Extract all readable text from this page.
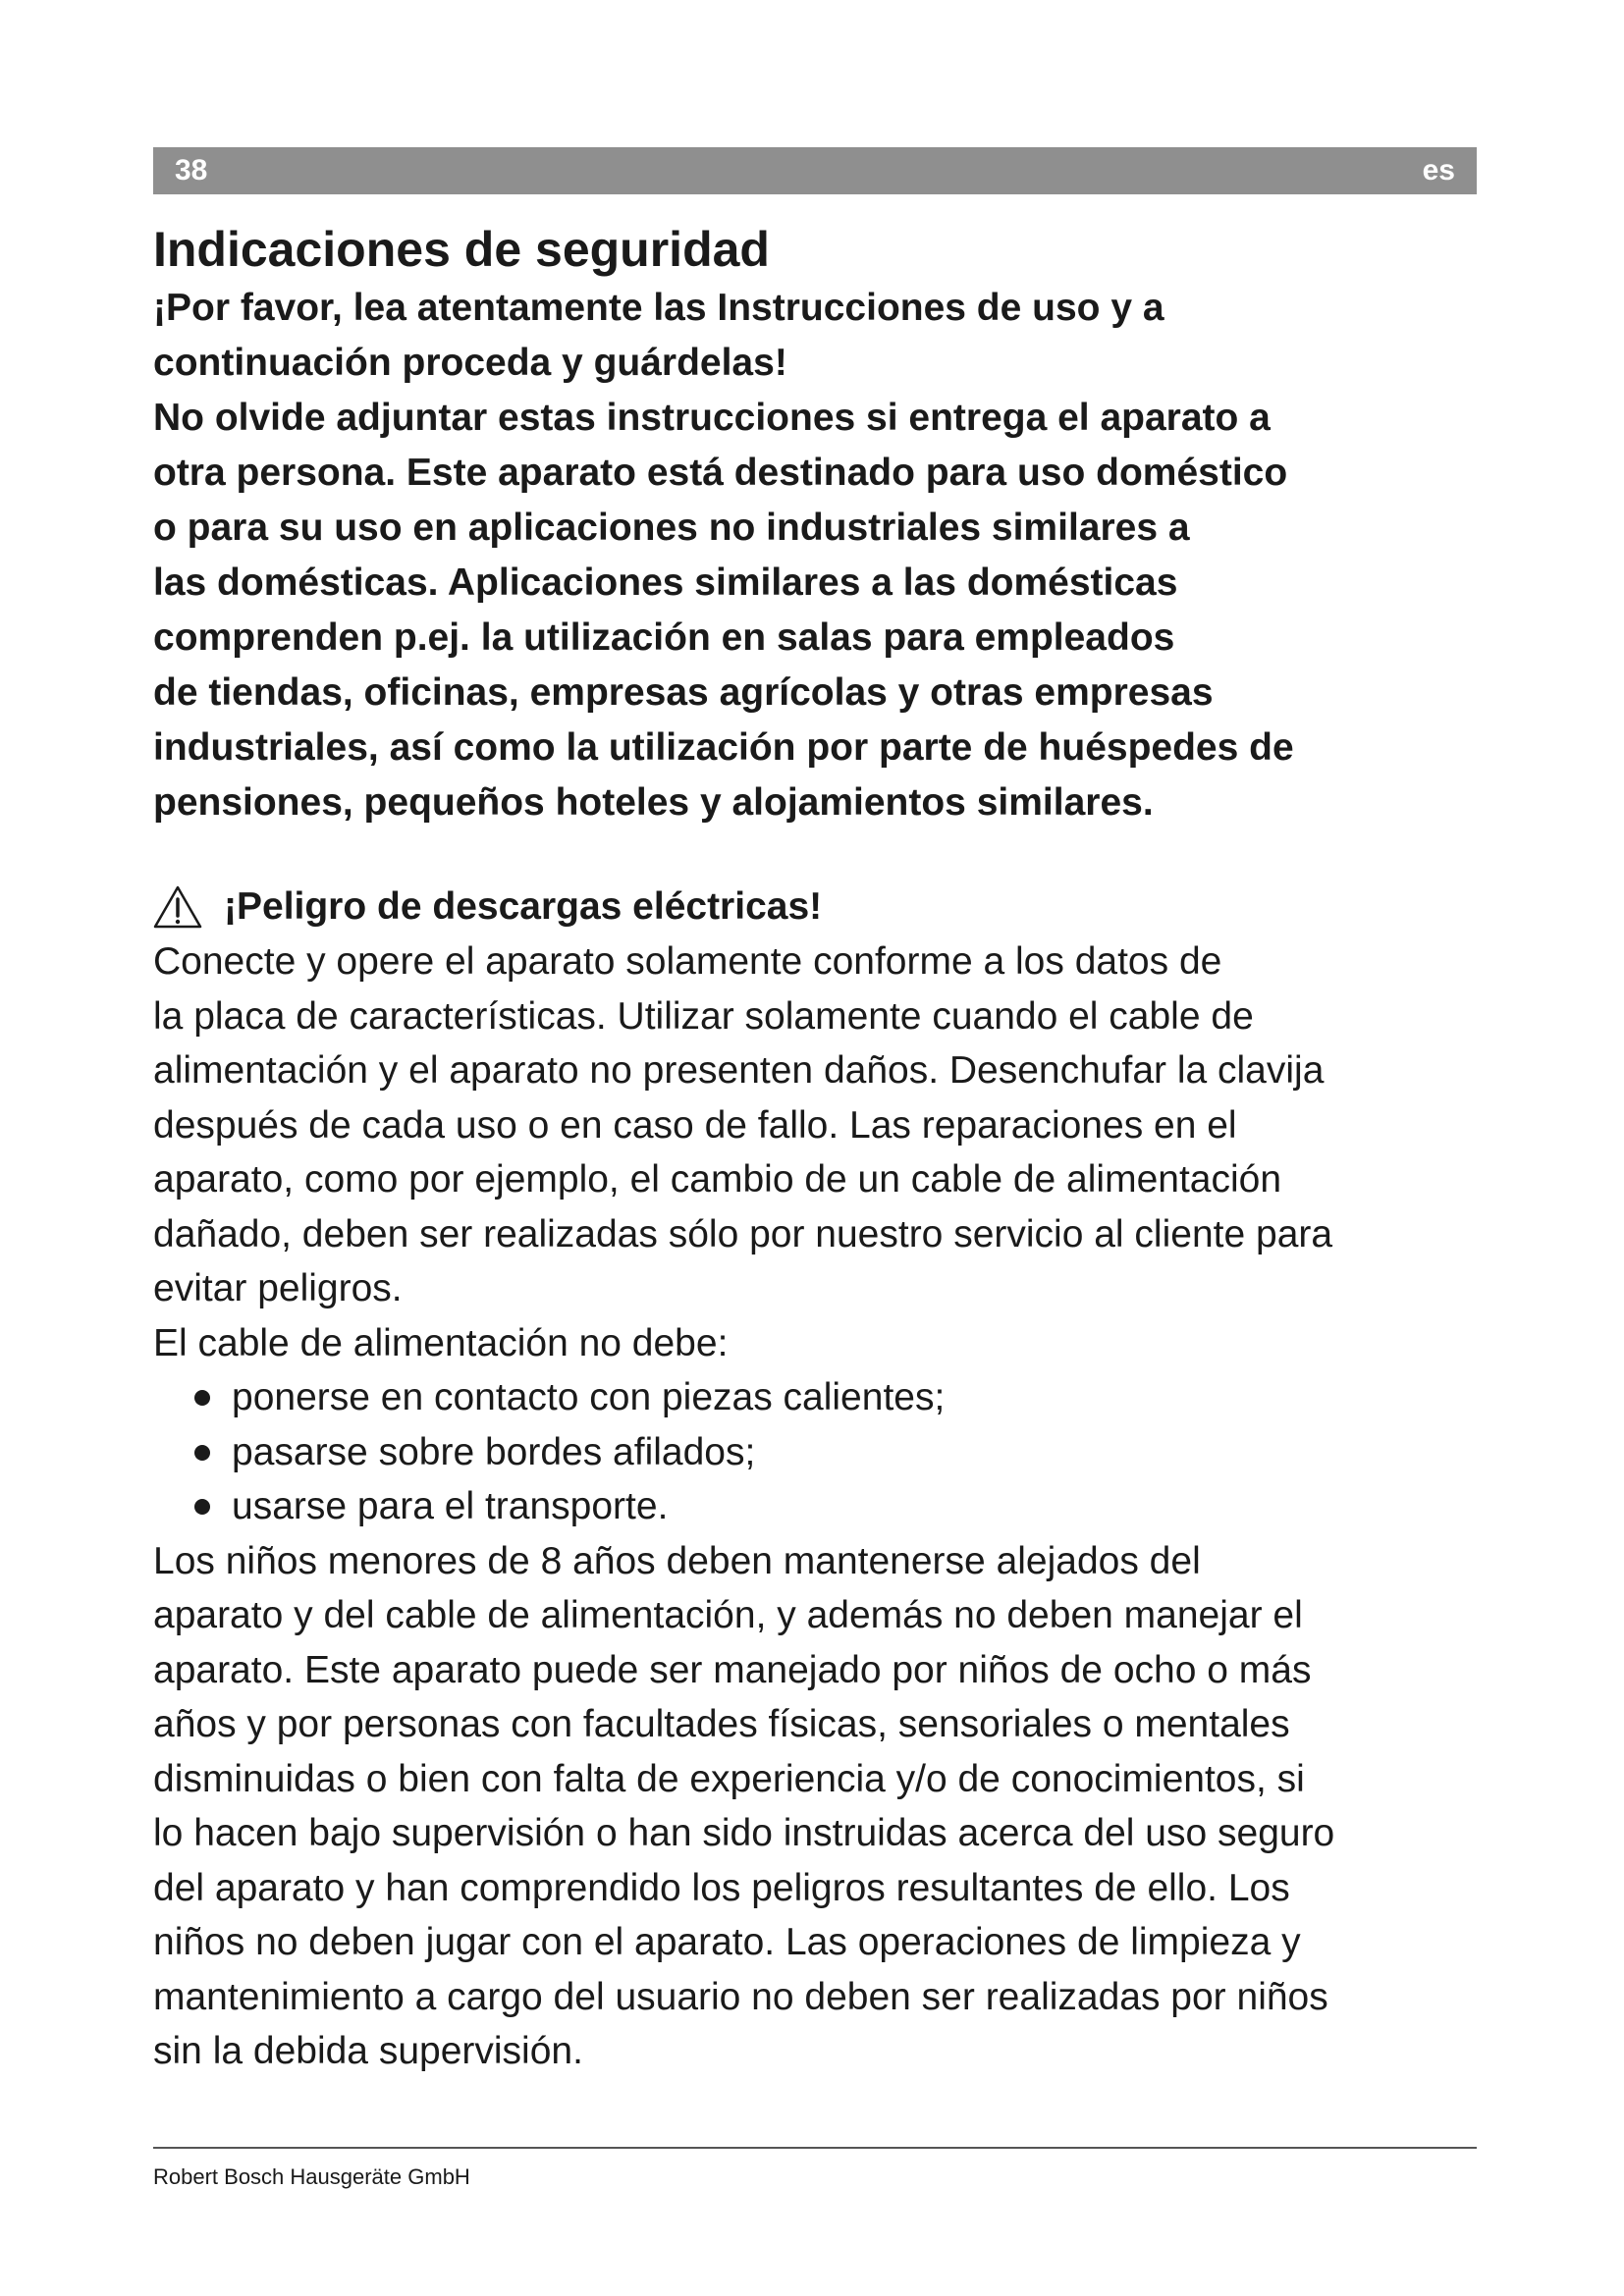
38	es
Indicaciones de seguridad

¡Por favor, lea atentamente las Instrucciones de uso y a
continuación proceda y guárdelas!
No olvide adjuntar estas instrucciones si entrega el aparato a
otra persona. Este aparato está destinado para uso doméstico
o para su uso en aplicaciones no industriales similares a
las domésticas. Aplicaciones similares a las domésticas
comprenden p.ej. la utilización en salas para empleados
de tiendas, oficinas, empresas agrícolas y otras empresas
industriales, así como la utilización por parte de huéspedes de
pensiones, pequeños hoteles y alojamientos similares.

¡Peligro de descargas eléctricas!

Conecte y opere el aparato solamente conforme a los datos de
la placa de características. Utilizar solamente cuando el cable de
alimentación y el aparato no presenten daños. Desenchufar la clavija
después de cada uso o en caso de fallo. Las reparaciones en el
aparato, como por ejemplo, el cambio de un cable de alimentación
dañado, deben ser realizadas sólo por nuestro servicio al cliente para
evitar peligros.

El cable de alimentación no debe:

ponerse en contacto con piezas calientes;
pasarse sobre bordes afilados;
usarse para el transporte.

Los niños menores de 8 años deben mantenerse alejados del
aparato y del cable de alimentación, y además no deben manejar el
aparato. Este aparato puede ser manejado por niños de ocho o más
años y por personas con facultades físicas, sensoriales o mentales
disminuidas o bien con falta de experiencia y/o de conocimientos, si
lo hacen bajo supervisión o han sido instruidas acerca del uso seguro
del aparato y han comprendido los peligros resultantes de ello. Los
niños no deben jugar con el aparato. Las operaciones de limpieza y
mantenimiento a cargo del usuario no deben ser realizadas por niños
sin la debida supervisión.

Robert Bosch Hausgeräte GmbH
